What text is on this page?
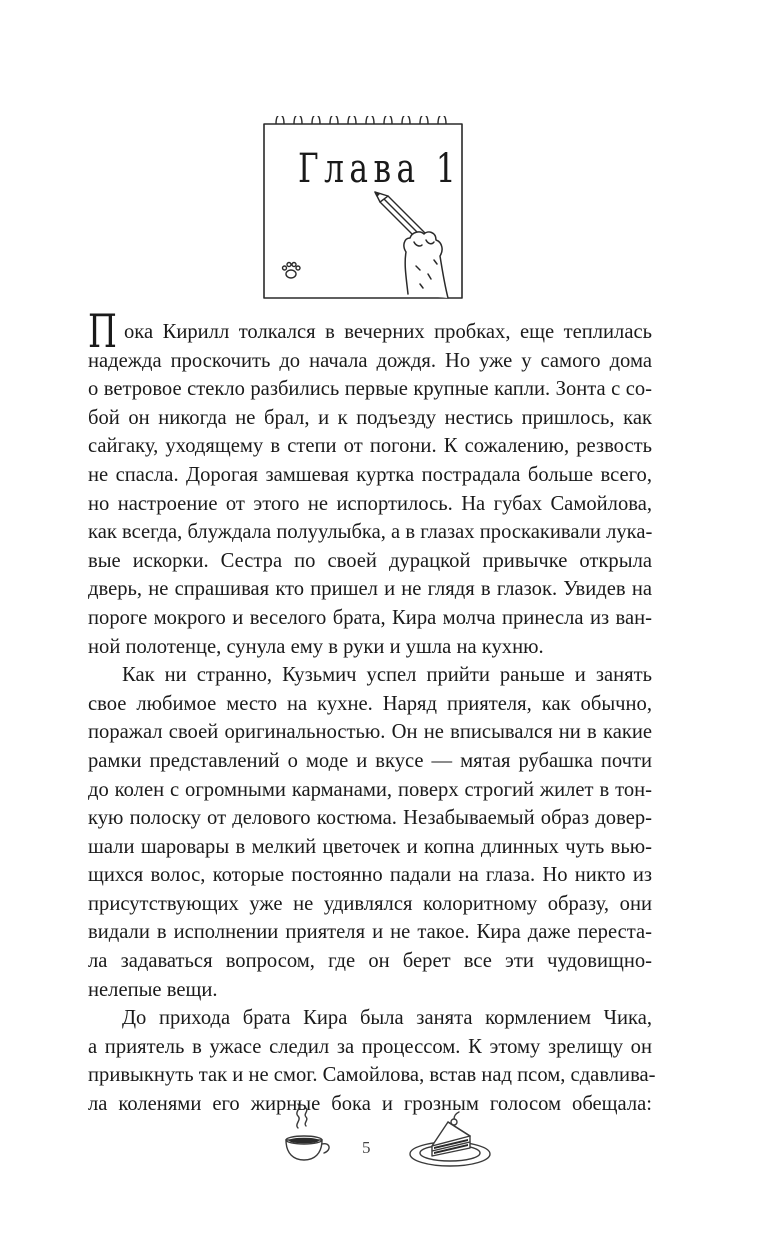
Глава 1

П ока Кирилл толкался в вечерних пробках, еще теплилась
надежда проскочить до начала дождя. Но уже у самого дома
о ветровое стекло разбились первые крупные капли. Зонта с со-
бой он никогда не брал, и к подъезду нестись пришлось, как
сайгаку, уходящему в степи от погони. К сожалению, резвость
не спасла. Дорогая замшевая куртка пострадала больше всего,
но настроение от этого не испортилось. На губах Самойлова,
как всегда, блуждала полуулыбка, а в глазах проскакивали лука-
вые искорки. Сестра по своей дурацкой привычке открыла
дверь, не спрашивая кто пришел и не глядя в глазок. Увидев на
пороге мокрого и веселого брата, Кира молча принесла из ван-
ной полотенце, сунула ему в руки и ушла на кухню.

Как ни странно, Кузьмич успел прийти раньше и занять
свое любимое место на кухне. Наряд приятеля, как обычно,
поражал своей оригинальностью. Он не вписывался ни в какие
рамки представлений о моде и вкусе — мятая рубашка почти
до колен с огромными карманами, поверх строгий жилет в тон-
кую полоску от делового костюма. Незабываемый образ довер-
шали шаровары в мелкий цветочек и копна длинных чуть вью-
щихся волос, которые постоянно падали на глаза. Но никто из
присутствующих уже не удивлялся колоритному образу, они
видали в исполнении приятеля и не такое. Кира даже переста-
ла задаваться вопросом, где он берет все эти чудовищно-
нелепые вещи.

До прихода брата Кира была занята кормлением Чика,
а приятель в ужасе следил за процессом. К этому зрелищу он
привыкнуть так и не смог. Самойлова, встав над псом, сдавлива-
ла коленями его жирные бока и грозным голосом обещала:

5
